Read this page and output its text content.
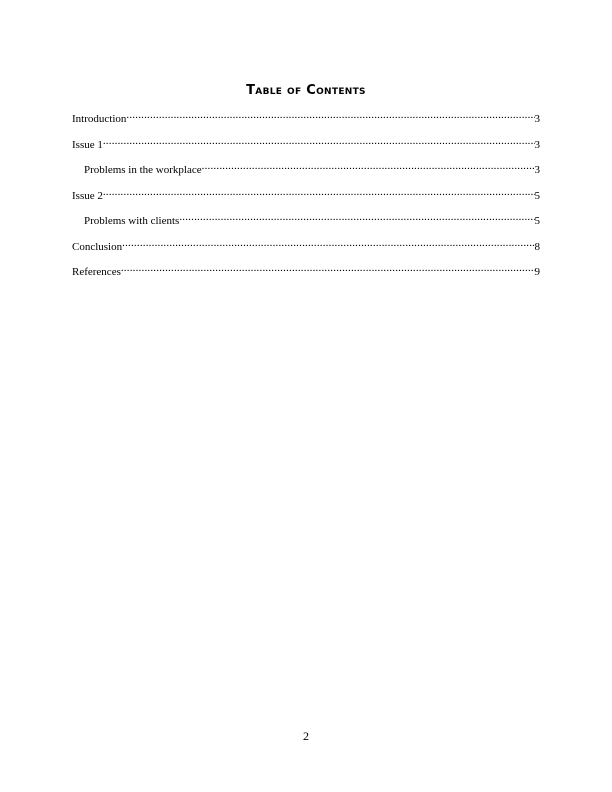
Table of Contents
Introduction .....	3
Issue 1 .....	3
Problems in the workplace .....	3
Issue 2 .....	5
Problems with clients .....	5
Conclusion .....	8
References .....	9
2
